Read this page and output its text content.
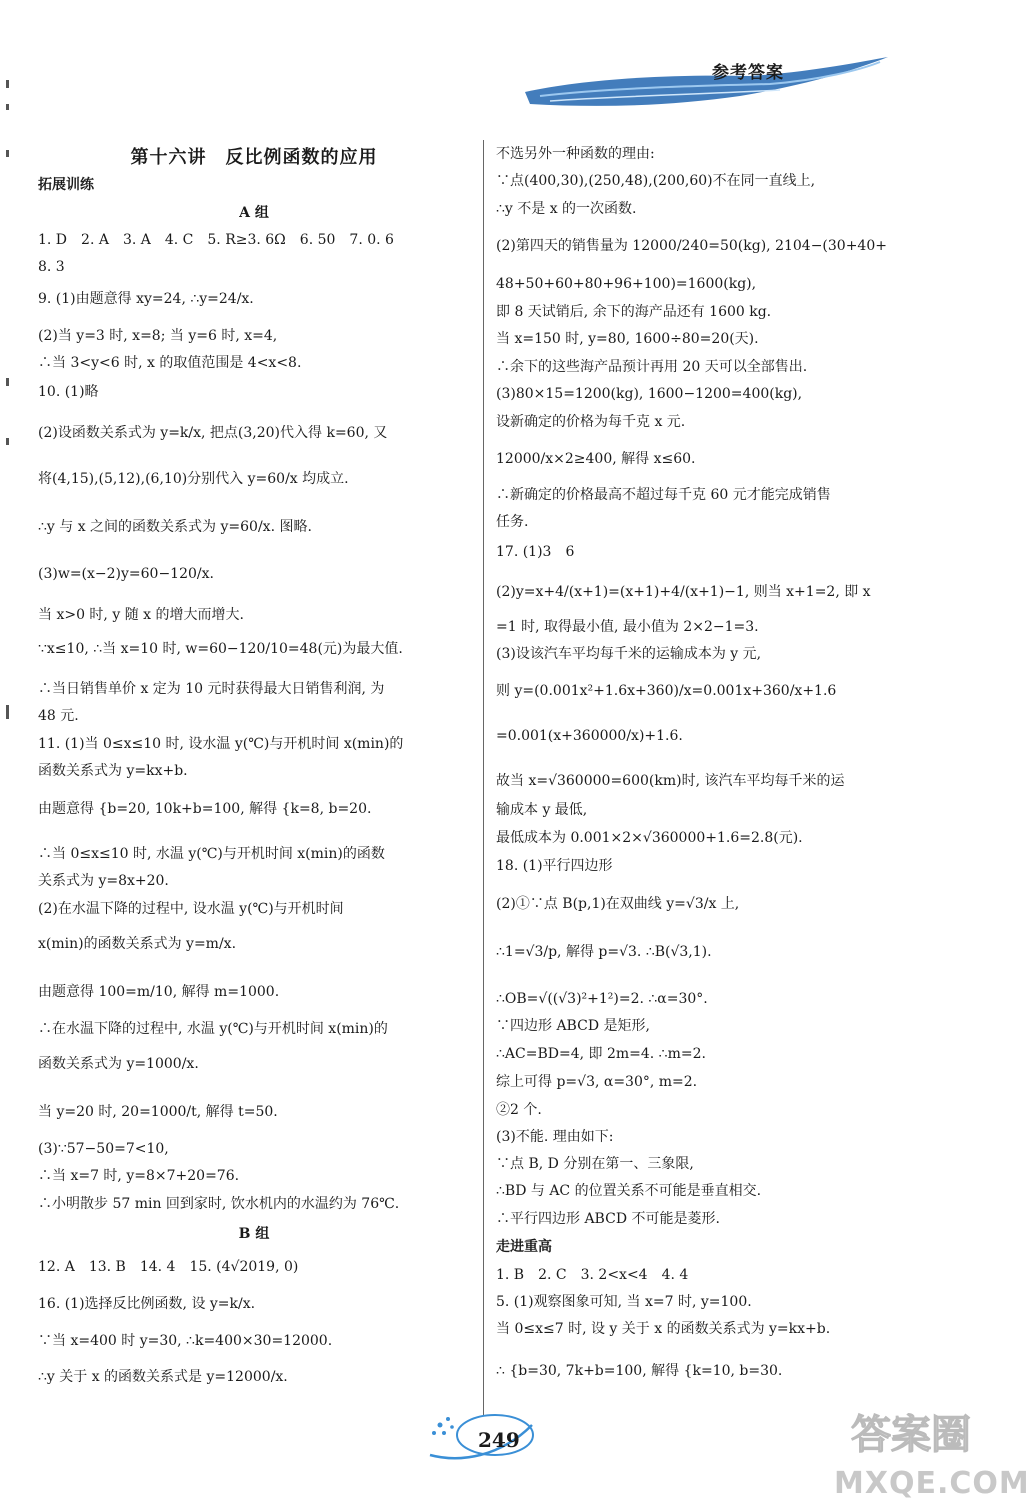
参考答案
第十六讲　反比例函数的应用
拓展训练
A 组
1. D　2. A　3. A　4. C　5. R≥3. 6Ω　6. 50　7. 0. 6
8. 3
9. (1)由题意得 xy=24, ∴y=24/x.
(2)当 y=3 时, x=8; 当 y=6 时, x=4,
∴当 3<y<6 时, x 的取值范围是 4<x<8.
10. (1)略
(2)设函数关系式为 y=k/x, 把点(3,20)代入得 k=60, 又
将(4,15),(5,12),(6,10)分别代入 y=60/x 均成立.
∴y 与 x 之间的函数关系式为 y=60/x. 图略.
(3)w=(x−2)y=60−120/x.
当 x>0 时, y 随 x 的增大而增大.
∵x≤10, ∴当 x=10 时, w=60−120/10=48(元)为最大值.
∴当日销售单价 x 定为 10 元时获得最大日销售利润, 为
48 元.
11. (1)当 0≤x≤10 时, 设水温 y(℃)与开机时间 x(min)的
函数关系式为 y=kx+b.
由题意得 {b=20, 10k+b=100, 解得 {k=8, b=20.
∴当 0≤x≤10 时, 水温 y(℃)与开机时间 x(min)的函数
关系式为 y=8x+20.
(2)在水温下降的过程中, 设水温 y(℃)与开机时间
x(min)的函数关系式为 y=m/x.
由题意得 100=m/10, 解得 m=1000.
∴在水温下降的过程中, 水温 y(℃)与开机时间 x(min)的
函数关系式为 y=1000/x.
当 y=20 时, 20=1000/t, 解得 t=50.
(3)∵57−50=7<10,
∴当 x=7 时, y=8×7+20=76.
∴小明散步 57 min 回到家时, 饮水机内的水温约为 76℃.
B 组
12. A　13. B　14. 4　15. (4√2019, 0)
16. (1)选择反比例函数, 设 y=k/x.
∵当 x=400 时 y=30, ∴k=400×30=12000.
∴y 关于 x 的函数关系式是 y=12000/x.
不选另外一种函数的理由:
∵点(400,30),(250,48),(200,60)不在同一直线上,
∴y 不是 x 的一次函数.
(2)第四天的销售量为 12000/240=50(kg), 2104−(30+40+
48+50+60+80+96+100)=1600(kg),
即 8 天试销后, 余下的海产品还有 1600 kg.
当 x=150 时, y=80, 1600÷80=20(天).
∴余下的这些海产品预计再用 20 天可以全部售出.
(3)80×15=1200(kg), 1600−1200=400(kg),
设新确定的价格为每千克 x 元.
12000/x×2≥400, 解得 x≤60.
∴新确定的价格最高不超过每千克 60 元才能完成销售
任务.
17. (1)3　6
(2)y=x+4/(x+1)=(x+1)+4/(x+1)−1, 则当 x+1=2, 即 x
=1 时, 取得最小值, 最小值为 2×2−1=3.
(3)设该汽车平均每千米的运输成本为 y 元,
则 y=(0.001x²+1.6x+360)/x=0.001x+360/x+1.6
=0.001(x+360000/x)+1.6.
故当 x=√360000=600(km)时, 该汽车平均每千米的运
输成本 y 最低,
最低成本为 0.001×2×√360000+1.6=2.8(元).
18. (1)平行四边形
(2)①∵点 B(p,1)在双曲线 y=√3/x 上,
∴1=√3/p, 解得 p=√3. ∴B(√3,1).
∴OB=√((√3)²+1²)=2. ∴α=30°.
∵四边形 ABCD 是矩形,
∴AC=BD=4, 即 2m=4. ∴m=2.
综上可得 p=√3, α=30°, m=2.
②2 个.
(3)不能. 理由如下:
∵点 B, D 分别在第一、三象限,
∴BD 与 AC 的位置关系不可能是垂直相交.
∴平行四边形 ABCD 不可能是菱形.
走进重高
1. B　2. C　3. 2<x<4　4. 4
5. (1)观察图象可知, 当 x=7 时, y=100.
当 0≤x≤7 时, 设 y 关于 x 的函数关系式为 y=kx+b.
∴ {b=30, 7k+b=100, 解得 {k=10, b=30.
249	答案圈
MXQE.COM
